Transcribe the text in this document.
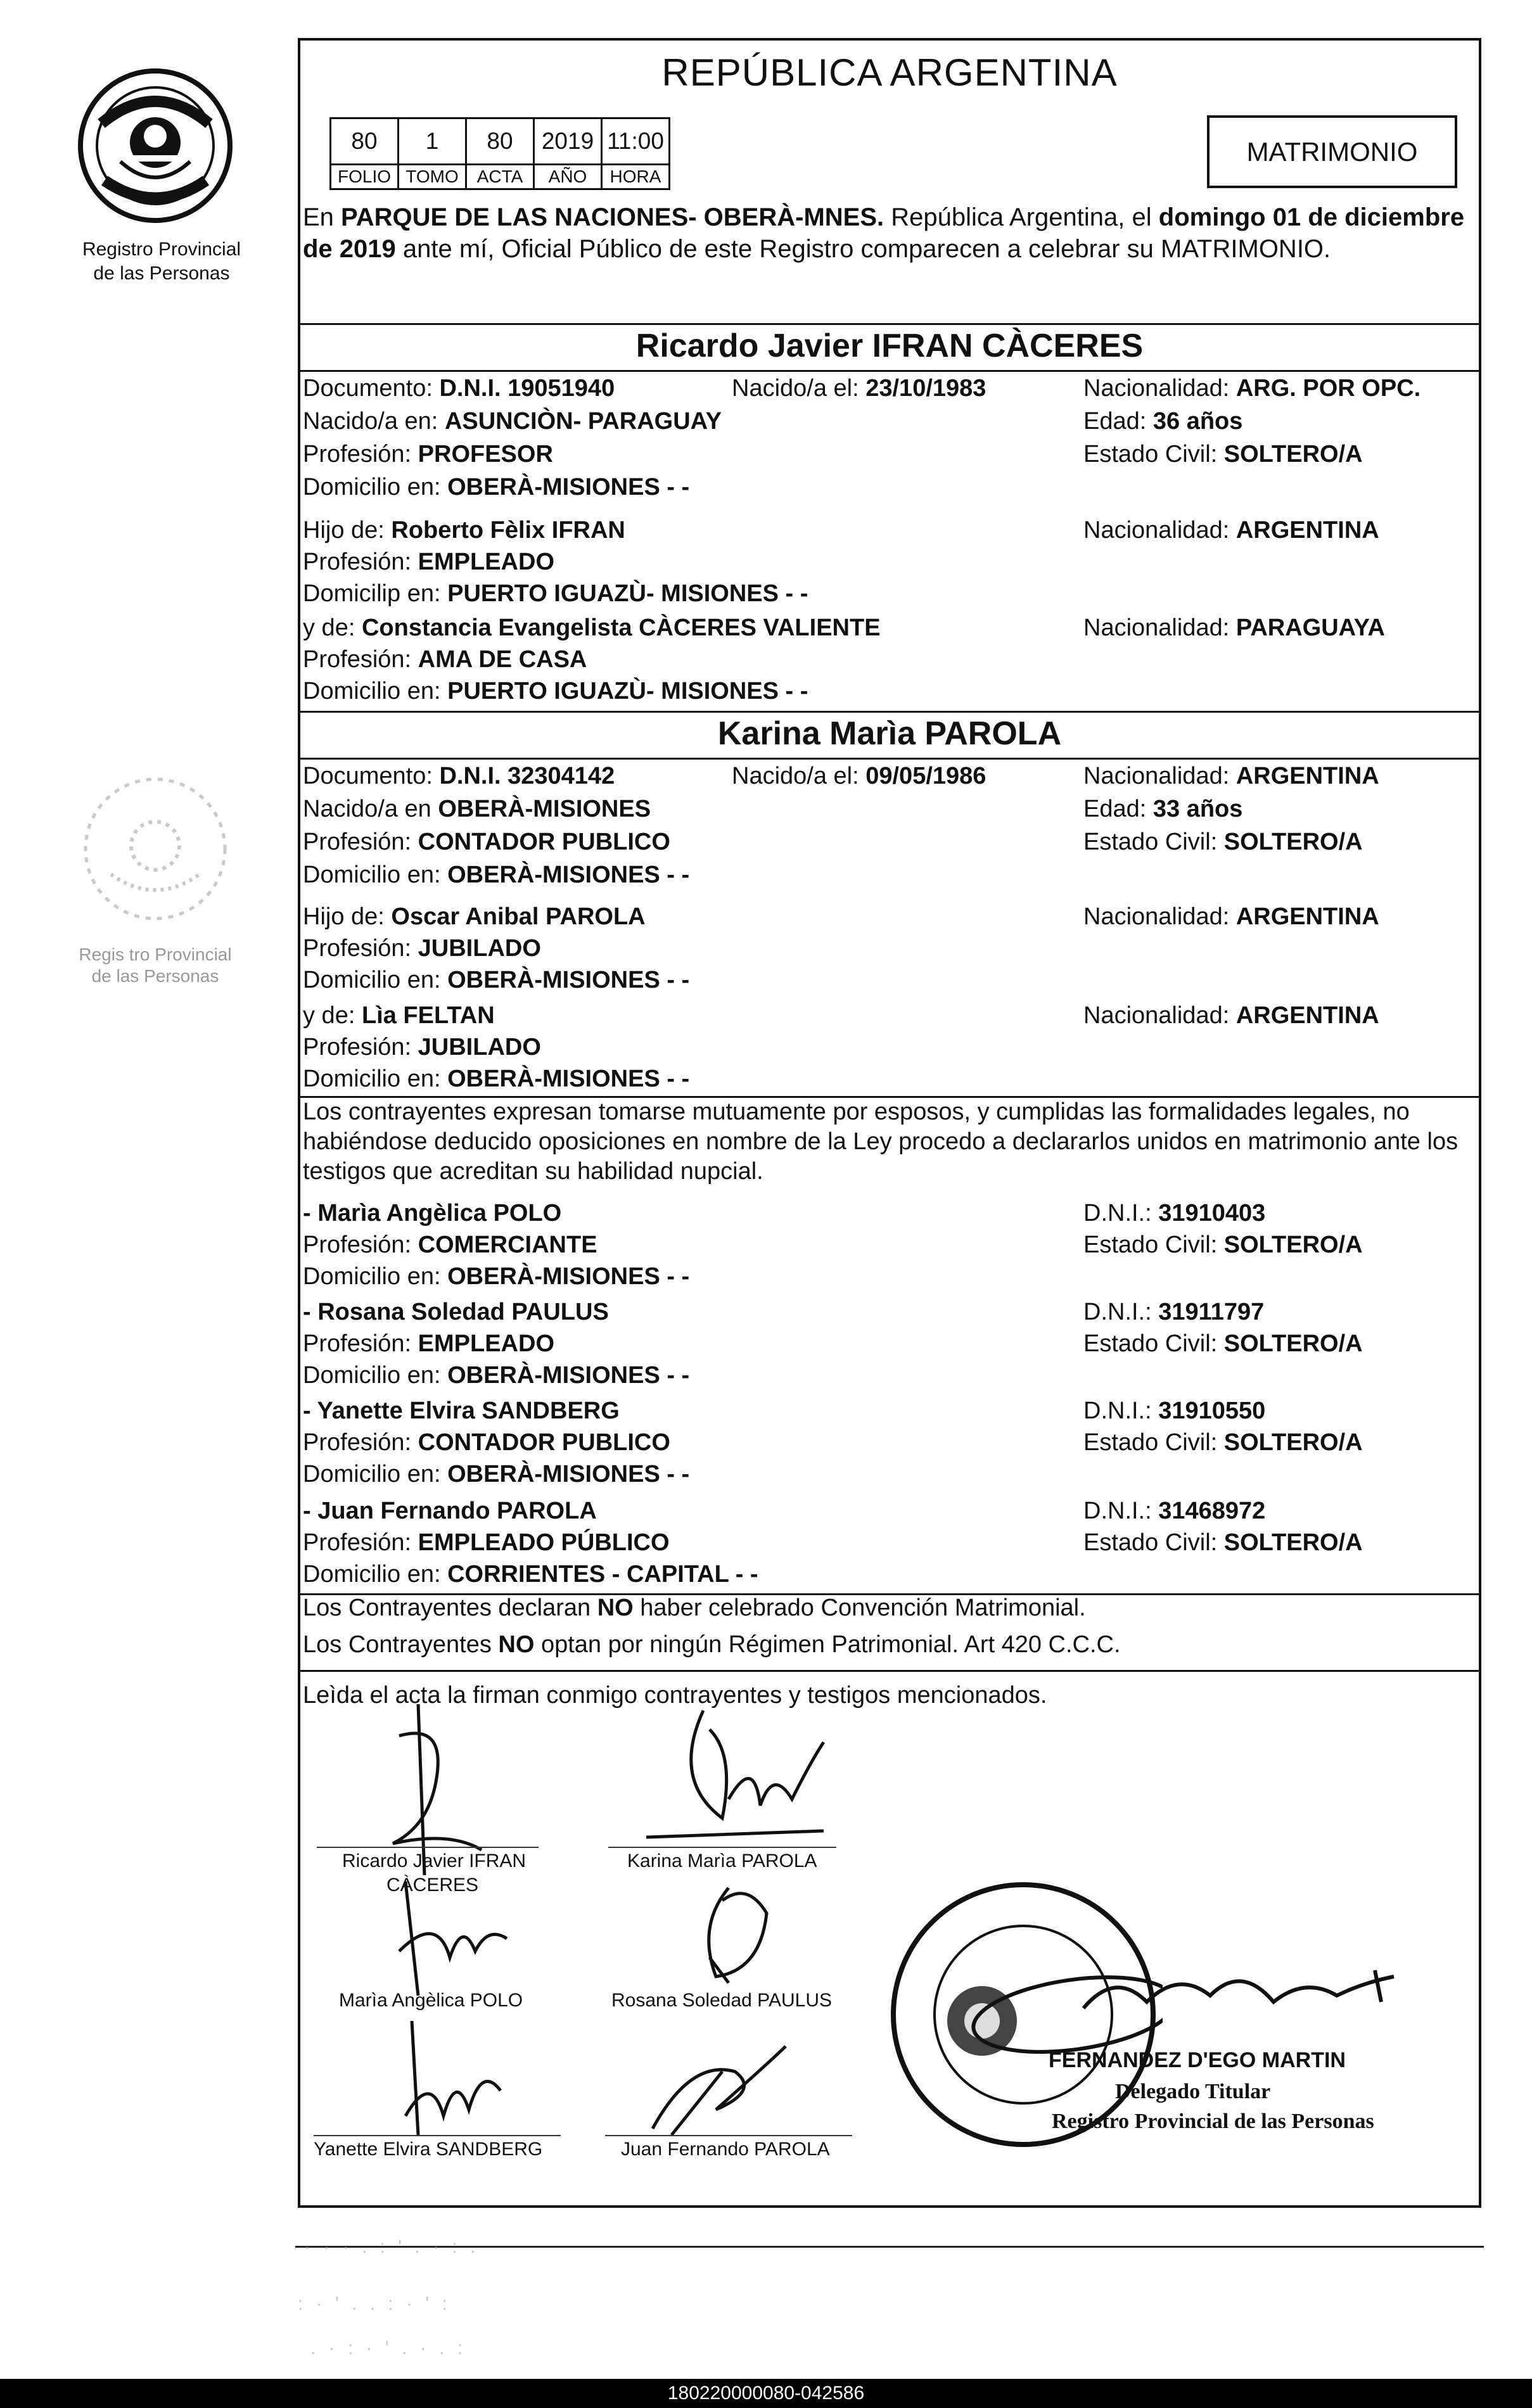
Registro Provincial
de las Personas
Regis tro Provincial
de las Personas
REPÚBLICA ARGENTINA
80	1	80	2019	11:00
FOLIO	TOMO	ACTA	AÑO	HORA
MATRIMONIO
En PARQUE DE LAS NACIONES- OBERÀ-MNES. República Argentina, el domingo 01 de diciembre de 2019 ante mí, Oficial Público de este Registro comparecen a celebrar su MATRIMONIO.
Ricardo Javier IFRAN CÀCERES
Documento: D.N.I. 19051940	Nacido/a el: 23/10/1983	Nacionalidad: ARG. POR OPC.
Nacido/a en: ASUNCIÒN- PARAGUAY	Edad: 36 años
Profesión: PROFESOR	Estado Civil: SOLTERO/A
Domicilio en: OBERÀ-MISIONES - -
Hijo de: Roberto Fèlix IFRAN	Nacionalidad: ARGENTINA
Profesión: EMPLEADO
Domicilip en: PUERTO IGUAZÙ- MISIONES - -
y de: Constancia Evangelista CÀCERES VALIENTE	Nacionalidad: PARAGUAYA
Profesión: AMA DE CASA
Domicilio en: PUERTO IGUAZÙ- MISIONES - -
Karina Marìa PAROLA
Documento: D.N.I. 32304142	Nacido/a el: 09/05/1986	Nacionalidad: ARGENTINA
Nacido/a en OBERÀ-MISIONES	Edad: 33 años
Profesión: CONTADOR PUBLICO	Estado Civil: SOLTERO/A
Domicilio en: OBERÀ-MISIONES - -
Hijo de: Oscar Anibal PAROLA	Nacionalidad: ARGENTINA
Profesión: JUBILADO
Domicilio en: OBERÀ-MISIONES - -
y de: Lìa FELTAN	Nacionalidad: ARGENTINA
Profesión: JUBILADO
Domicilio en: OBERÀ-MISIONES - -
Los contrayentes expresan tomarse mutuamente por esposos, y cumplidas las formalidades legales, no habiéndose deducido oposiciones en nombre de la Ley procedo a declararlos unidos en matrimonio ante los testigos que acreditan su habilidad nupcial.
- Marìa Angèlica POLO	D.N.I.: 31910403
Profesión: COMERCIANTE	Estado Civil: SOLTERO/A
Domicilio en: OBERÀ-MISIONES - -
- Rosana Soledad PAULUS	D.N.I.: 31911797
Profesión: EMPLEADO	Estado Civil: SOLTERO/A
Domicilio en: OBERÀ-MISIONES - -
- Yanette Elvira SANDBERG	D.N.I.: 31910550
Profesión: CONTADOR PUBLICO	Estado Civil: SOLTERO/A
Domicilio en: OBERÀ-MISIONES - -
- Juan Fernando PAROLA	D.N.I.: 31468972
Profesión: EMPLEADO PÚBLICO	Estado Civil: SOLTERO/A
Domicilio en: CORRIENTES - CAPITAL - -
Los Contrayentes declaran NO haber celebrado Convención Matrimonial.
Los Contrayentes NO optan por ningún Régimen Patrimonial. Art 420 C.C.C.
Leìda el acta la firman conmigo contrayentes y testigos mencionados.
Ricardo Javier IFRAN
CÀCERES
Karina Marìa PAROLA
Marìa Angèlica POLO	Rosana Soledad PAULUS
Yanette Elvira SANDBERG	Juan Fernando PAROLA
FERNANDEZ D'EGO MARTIN
Delegado Titular
Registro Provincial de las Personas
· · · . : ' . · : .
: · ' . . : · ' :
. · : · ' . · . :
180220000080-042586
